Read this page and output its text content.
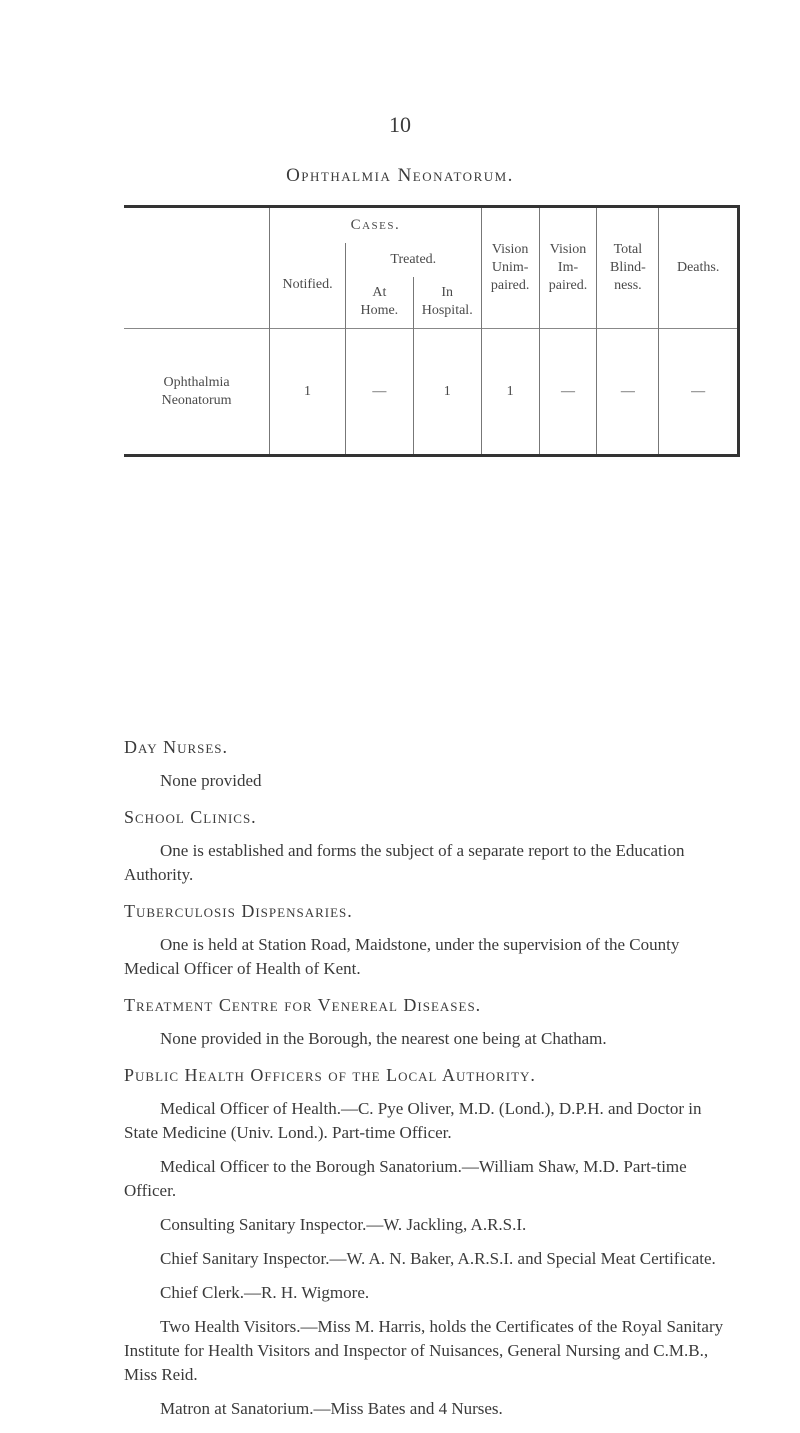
10
Ophthalmia Neonatorum.
	Cases.			Vision Unim- paired.	Vision Im- paired.	Total Blind- ness.	Deaths.
	Notified.	Treated.					
		At Home.	In Hospital.				
Ophthalmia Neonatorum	1	—	1	1	—	—	—
Day Nurses.

None provided

School Clinics.

One is established and forms the subject of a separate report to the Education Authority.

Tuberculosis Dispensaries.

One is held at Station Road, Maidstone, under the supervision of the County Medical Officer of Health of Kent.

Treatment Centre for Venereal Diseases.

None provided in the Borough, the nearest one being at Chatham.

Public Health Officers of the Local Authority.

Medical Officer of Health.—C. Pye Oliver, M.D. (Lond.), D.P.H. and Doctor in State Medicine (Univ. Lond.). Part-time Officer.

Medical Officer to the Borough Sanatorium.—William Shaw, M.D. Part-time Officer.

Consulting Sanitary Inspector.—W. Jackling, A.R.S.I.

Chief Sanitary Inspector.—W. A. N. Baker, A.R.S.I. and Special Meat Certificate.

Chief Clerk.—R. H. Wigmore.

Two Health Visitors.—Miss M. Harris, holds the Certificates of the Royal Sanitary Institute for Health Visitors and Inspector of Nuisances, General Nursing and C.M.B., Miss Reid.

Matron at Sanatorium.—Miss Bates and 4 Nurses.
